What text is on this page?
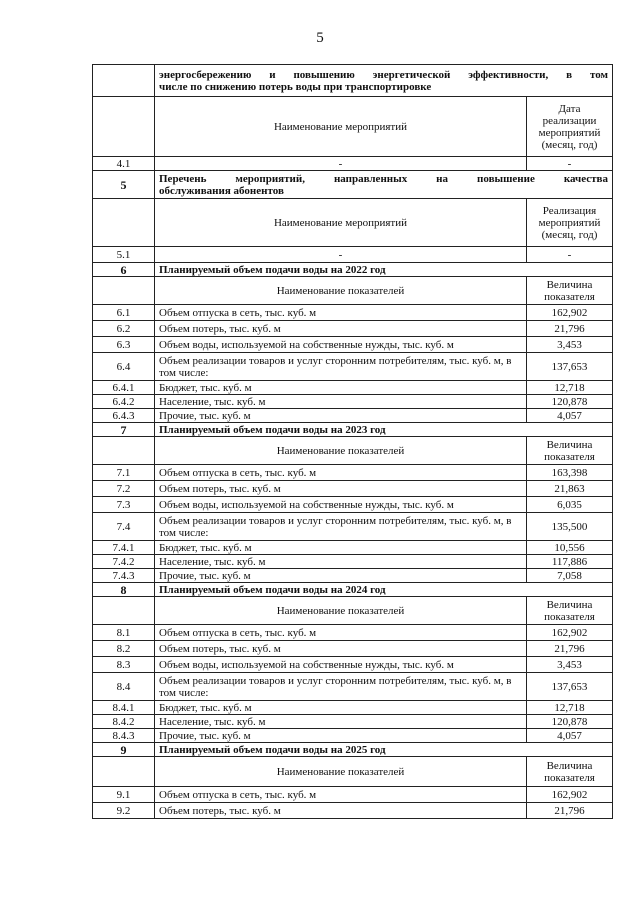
5

	энергосбережению и повышению энергетической эффективности, в том
числе по снижению потерь воды при транспортировке	

	Наименование мероприятий	Дата реализации мероприятий (месяц, год)
4.1	-	-
5	Перечень мероприятий, направленных на повышение качества
обслуживания абонентов	

	Наименование мероприятий	Реализация мероприятий (месяц, год)
5.1	-	-
6	Планируемый объем подачи воды на 2022 год	
	Наименование показателей	Величина показателя
6.1	Объем отпуска в сеть, тыс. куб. м	162,902
6.2	Объем потерь, тыс. куб. м	21,796
6.3	Объем воды, используемой на собственные нужды, тыс. куб. м	3,453
6.4	Объем реализации товаров и услуг сторонним потребителям, тыс. куб. м, в том числе:	137,653
6.4.1	Бюджет, тыс. куб. м	12,718
6.4.2	Население, тыс. куб. м	120,878
6.4.3	Прочие, тыс. куб. м	4,057
7	Планируемый объем подачи воды на 2023 год	
	Наименование показателей	Величина показателя
7.1	Объем отпуска в сеть, тыс. куб. м	163,398
7.2	Объем потерь, тыс. куб. м	21,863
7.3	Объем воды, используемой на собственные нужды, тыс. куб. м	6,035
7.4	Объем реализации товаров и услуг сторонним потребителям, тыс. куб. м, в том числе:	135,500
7.4.1	Бюджет, тыс. куб. м	10,556
7.4.2	Население, тыс. куб. м	117,886
7.4.3	Прочие, тыс. куб. м	7,058
8	Планируемый объем подачи воды на 2024 год	
	Наименование показателей	Величина показателя
8.1	Объем отпуска в сеть, тыс. куб. м	162,902
8.2	Объем потерь, тыс. куб. м	21,796
8.3	Объем воды, используемой на собственные нужды, тыс. куб. м	3,453
8.4	Объем реализации товаров и услуг сторонним потребителям, тыс. куб. м, в том числе:	137,653
8.4.1	Бюджет, тыс. куб. м	12,718
8.4.2	Население, тыс. куб. м	120,878
8.4.3	Прочие, тыс. куб. м	4,057
9	Планируемый объем подачи воды на 2025 год	
	Наименование показателей	Величина показателя
9.1	Объем отпуска в сеть, тыс. куб. м	162,902
9.2	Объем потерь, тыс. куб. м	21,796
